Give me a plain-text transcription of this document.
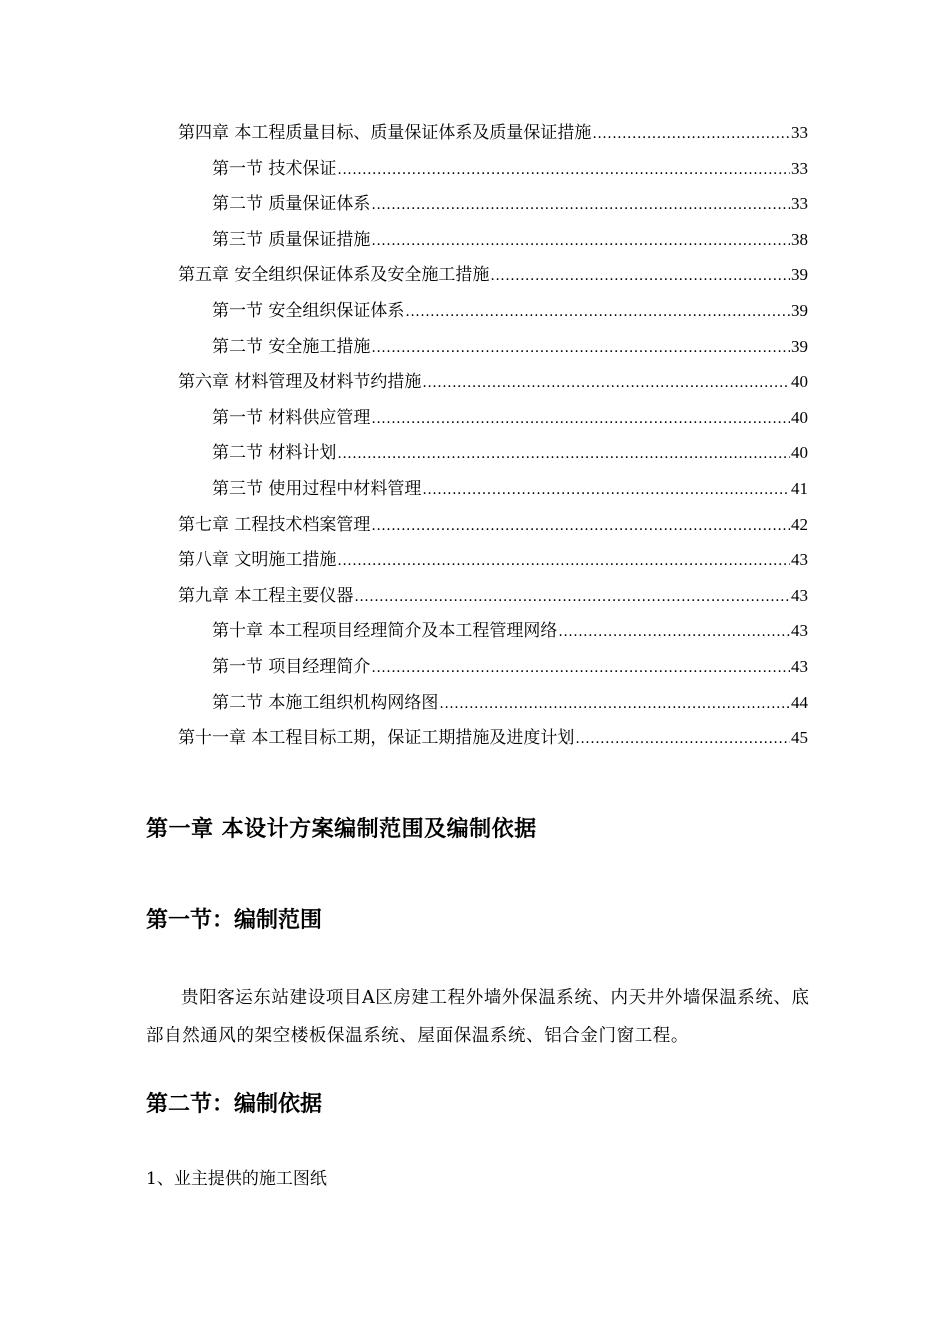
第四章 本工程质量目标、质量保证体系及质量保证措施 .....	33
第一节 技术保证 .....	33
第二节 质量保证体系 .....	33
第三节 质量保证措施 .....	38
第五章 安全组织保证体系及安全施工措施 .....	39
第一节 安全组织保证体系 .....	39
第二节 安全施工措施 .....	39
第六章 材料管理及材料节约措施 .....	40
第一节 材料供应管理 .....	40
第二节 材料计划 .....	40
第三节 使用过程中材料管理 .....	41
第七章 工程技术档案管理 .....	42
第八章 文明施工措施 .....	43
第九章 本工程主要仪器 .....	43
第十章 本工程项目经理简介及本工程管理网络 .....	43
第一节 项目经理简介 .....	43
第二节 本施工组织机构网络图 .....	44
第十一章 本工程目标工期，保证工期措施及进度计划 .....	45
第一章 本设计方案编制范围及编制依据
第一节：编制范围

贵阳客运东站建设项目A区房建工程外墙外保温系统、内天井外墙保温系统、底部自然通风的架空楼板保温系统、屋面保温系统、铝合金门窗工程。

第二节：编制依据

1、业主提供的施工图纸
